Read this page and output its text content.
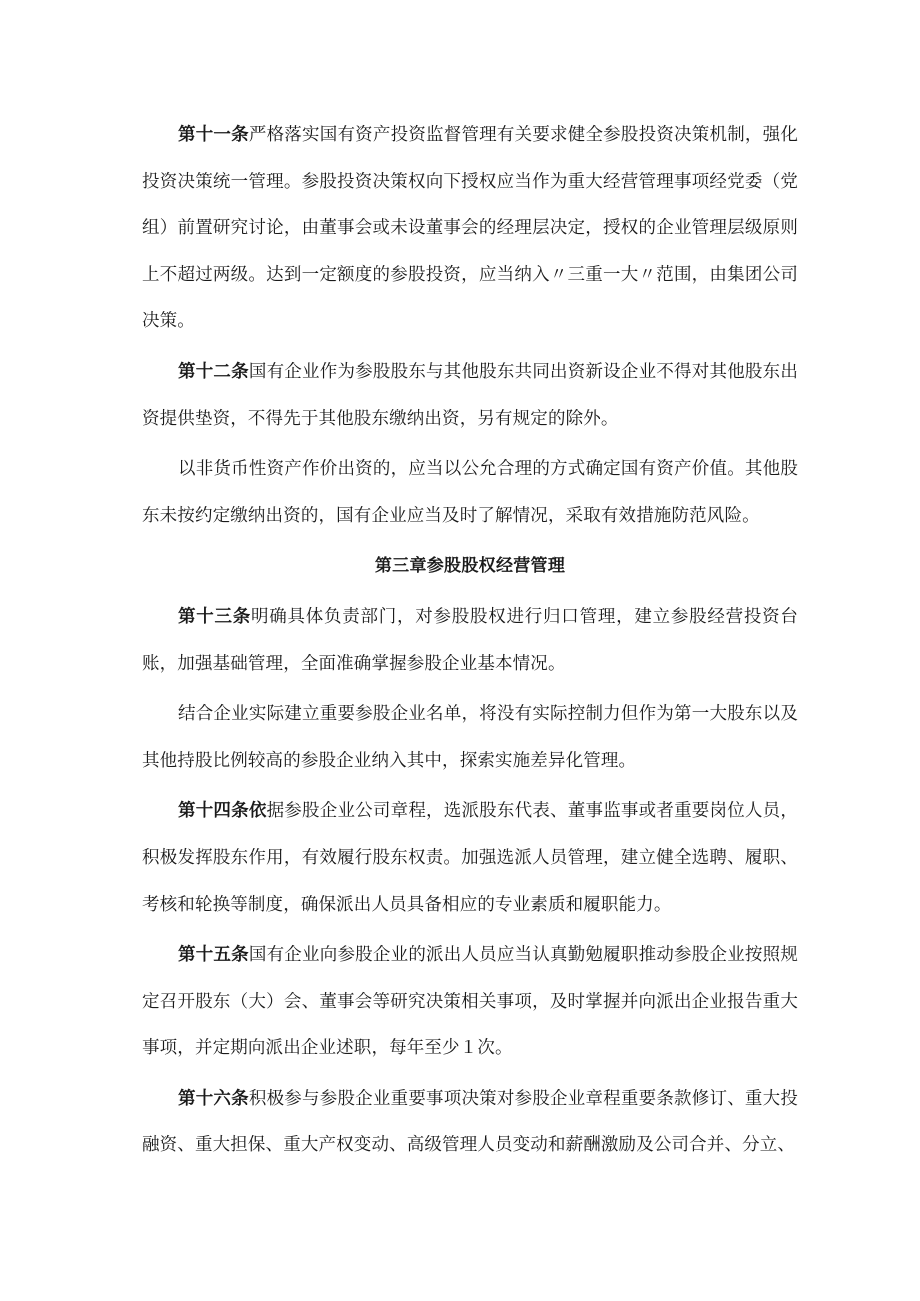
第十一条严格落实国有资产投资监督管理有关要求健全参股投资决策机制，强化投资决策统一管理。参股投资决策权向下授权应当作为重大经营管理事项经党委（党组）前置研究讨论，由董事会或未设董事会的经理层决定，授权的企业管理层级原则上不超过两级。达到一定额度的参股投资，应当纳入〃三重一大〃范围，由集团公司决策。

第十二条国有企业作为参股股东与其他股东共同出资新设企业不得对其他股东出资提供垫资，不得先于其他股东缴纳出资，另有规定的除外。

以非货币性资产作价出资的，应当以公允合理的方式确定国有资产价值。其他股东未按约定缴纳出资的，国有企业应当及时了解情况，采取有效措施防范风险。

第三章参股股权经营管理

第十三条明确具体负责部门，对参股股权进行归口管理，建立参股经营投资台账，加强基础管理，全面准确掌握参股企业基本情况。

结合企业实际建立重要参股企业名单，将没有实际控制力但作为第一大股东以及其他持股比例较高的参股企业纳入其中，探索实施差异化管理。

第十四条依据参股企业公司章程，选派股东代表、董事监事或者重要岗位人员，积极发挥股东作用，有效履行股东权责。加强选派人员管理，建立健全选聘、履职、考核和轮换等制度，确保派出人员具备相应的专业素质和履职能力。

第十五条国有企业向参股企业的派出人员应当认真勤勉履职推动参股企业按照规定召开股东（大）会、董事会等研究决策相关事项，及时掌握并向派出企业报告重大事项，并定期向派出企业述职，每年至少１次。

第十六条积极参与参股企业重要事项决策对参股企业章程重要条款修订、重大投融资、重大担保、重大产权变动、高级管理人员变动和薪酬激励及公司合并、分立、
